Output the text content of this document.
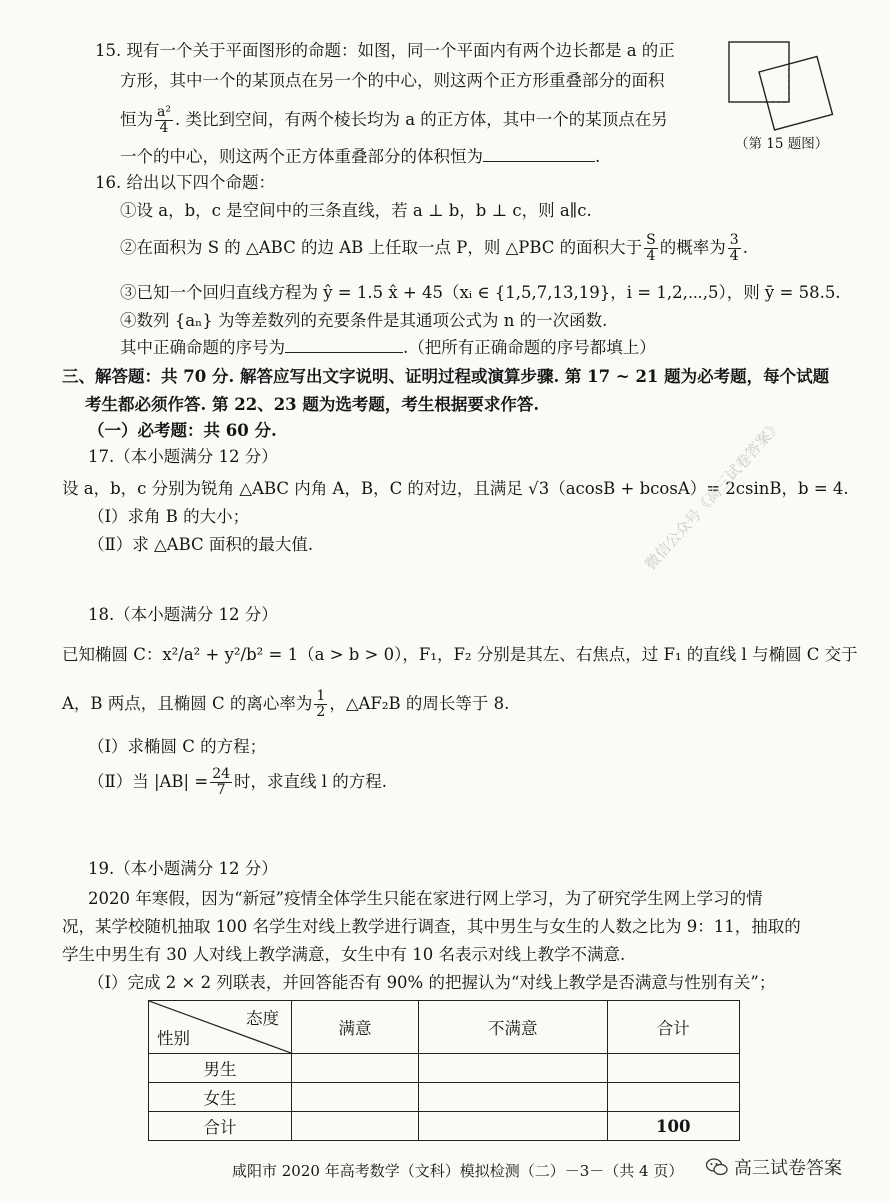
15. 现有一个关于平面图形的命题：如图，同一个平面内有两个边长都是 a 的正
方形，其中一个的某顶点在另一个的中心，则这两个正方形重叠部分的面积
恒为 $\frac{\text{a²}}{4}$ . 类比到空间，有两个棱长均为 a 的正方体，其中一个的某顶点在另
一个的中心，则这两个正方体重叠部分的体积恒为	.
（第 15 题图）
16. 给出以下四个命题：
①设 a，b，c 是空间中的三条直线，若 a ⊥ b，b ⊥ c，则 a∥c.
②在面积为 S 的 △ABC 的边 AB 上任取一点 P，则 △PBC 的面积大于 $\frac{S}{4}$ 的概率为 $\frac{3}{4}$ .
③已知一个回归直线方程为 ŷ = 1.5 x̂ + 45（xᵢ ∈ {1,5,7,13,19}，i = 1,2,⋯,5），则 ȳ = 58.5.
④数列 {aₙ} 为等差数列的充要条件是其通项公式为 n 的一次函数.
其中正确命题的序号为	.（把所有正确命题的序号都填上）
三、解答题：共 70 分. 解答应写出文字说明、证明过程或演算步骤. 第 17 ~ 21 题为必考题，每个试题
考生都必须作答. 第 22、23 题为选考题，考生根据要求作答.
（一）必考题：共 60 分.
17.（本小题满分 12 分）
设 a，b，c 分别为锐角 △ABC 内角 A，B，C 的对边，且满足 √3（acosB + bcosA）= 2csinB，b = 4.
（Ⅰ）求角 B 的大小；
（Ⅱ）求 △ABC 面积的最大值.
18.（本小题满分 12 分）
已知椭圆 C：x²/a² + y²/b² = 1（a > b > 0），F₁，F₂ 分别是其左、右焦点，过 F₁ 的直线 l 与椭圆 C 交于
A，B 两点，且椭圆 C 的离心率为 $\frac{1}{2}$ ，△AF₂B 的周长等于 8.
（Ⅰ）求椭圆 C 的方程；
（Ⅱ）当 $|AB| = \frac{24}{7}$ 时，求直线 l 的方程.
微信公众号《高三试卷答案》
19.（本小题满分 12 分）
2020 年寒假，因为“新冠”疫情全体学生只能在家进行网上学习，为了研究学生网上学习的情
况，某学校随机抽取 100 名学生对线上教学进行调查，其中男生与女生的人数之比为 9：11，抽取的
学生中男生有 30 人对线上教学满意，女生中有 10 名表示对线上教学不满意.
（Ⅰ）完成 2 × 2 列联表，并回答能否有 90% 的把握认为“对线上教学是否满意与性别有关”；
态度
性别	满意	不满意	合计
男生			
女生			
合计			100
咸阳市 2020 年高考数学（文科）模拟检测（二）－3－（共 4 页）	高三试卷答案
